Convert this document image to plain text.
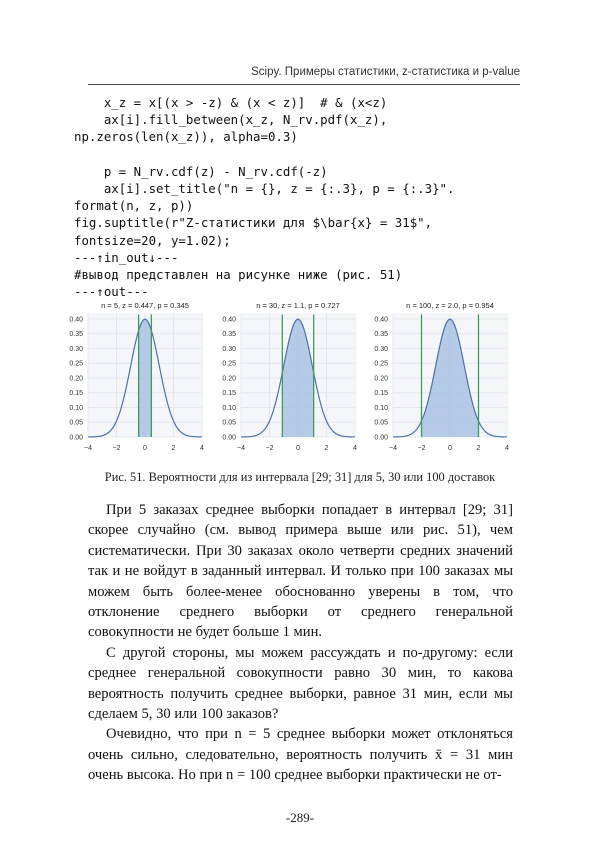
Scipy. Примеры статистики, z-статистика и p-value
x_z = x[(x > -z) & (x < z)]  # & (x<z)
ax[i].fill_between(x_z, N_rv.pdf(x_z),
np.zeros(len(x_z)), alpha=0.3)
p = N_rv.cdf(z) - N_rv.cdf(-z)
ax[i].set_title("n = {}, z = {:.3}, p = {:.3}".
format(n, z, p))
fig.suptitle(r"Z-статистики для $\bar{x} = 31$",
fontsize=20, y=1.02);
---↑in_out↓---
#вывод представлен на рисунке ниже (рис. 51)
---↑out---
0.00
0.05
0.10
0.15
0.20
0.25
0.30
0.35
0.40
−4	−2	0	2	4
n = 5, z = 0.447, p = 0.345
0.00
0.05
0.10
0.15
0.20
0.25
0.30
0.35
0.40
−4	−2	0	2	4
n = 30, z = 1.1, p = 0.727
0.00
0.05
0.10
0.15
0.20
0.25
0.30
0.35
0.40
−4	−2	0	2	4
n = 100, z = 2.0, p = 0.954
Рис. 51. Вероятности для из интервала [29; 31] для 5, 30 или 100 доставок

При 5 заказах среднее выборки попадает в интервал [29; 31] скорее случайно (см. вывод примера выше или рис. 51), чем систематически. При 30 заказах около четверти средних значений так и не войдут в заданный интервал. И только при 100 заказах мы можем быть более-менее обоснованно уверены в том, что отклонение среднего выборки от среднего генеральной совокупности не будет больше 1 мин.

С другой стороны, мы можем рассуждать и по-другому: если среднее генеральной совокупности равно 30 мин, то какова вероятность получить среднее выборки, равное 31 мин, если мы сделаем 5, 30 или 100 заказов?

Очевидно, что при n = 5 среднее выборки может отклоняться очень сильно, следовательно, вероятность получить x̄ = 31 мин очень высока. Но при n = 100 среднее выборки практически не от-

-289-
